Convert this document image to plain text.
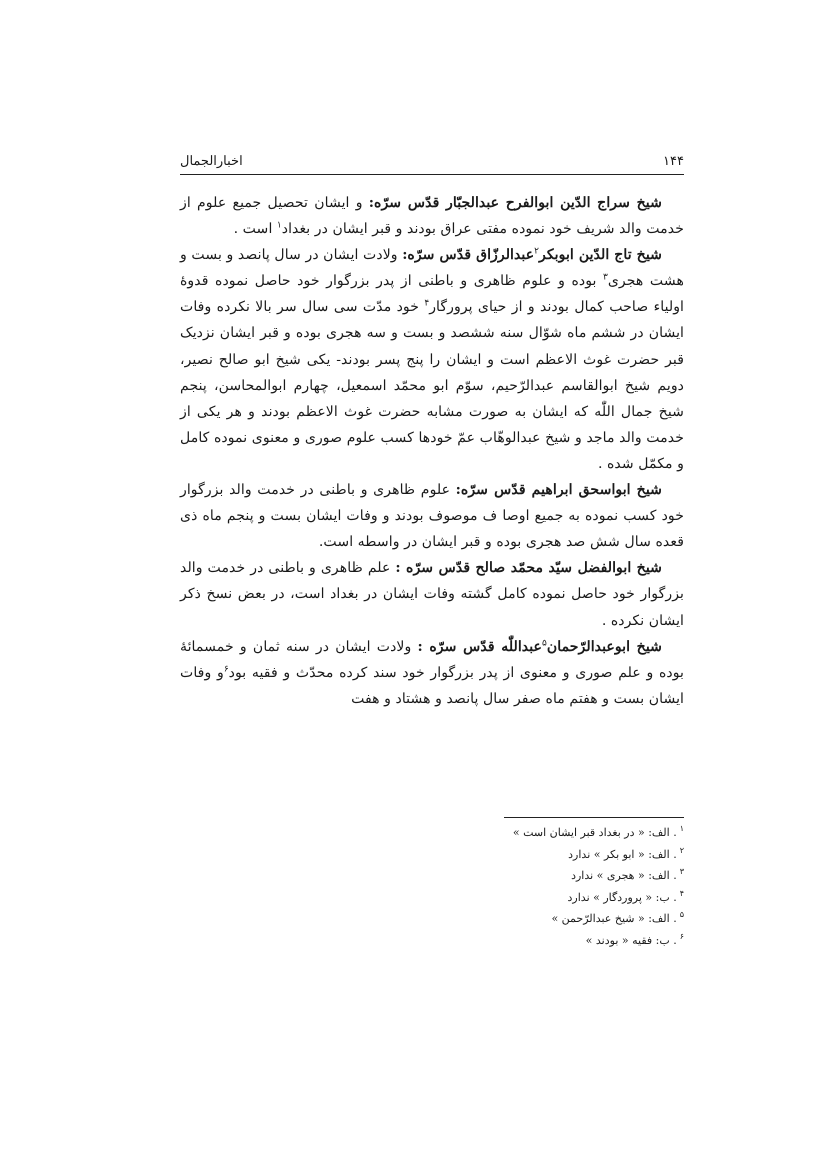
۱۴۴
اخبارالجمال

شیخ سراج الدّین ابوالفرح عبدالجبّار قدّس سرّه: و ایشان تحصیل جمیع علوم از خدمت والد شریف خود نموده مفتی عراق بودند و قبر ایشان در بغداد$^۱$ است .

شیخ تاج الدّین ابوبکر$^۲$عبدالرزّاق قدّس سرّه: ولادت ایشان در سال پانصد و بست و هشت هجری$^۳$ بوده و علوم ظاهری و باطنی از پدر بزرگوار خود حاصل نموده قدوهٔ اولیاء صاحب کمال بودند و از حیای پرورگار$^۴$ خود مدّت سی سال سر بالا نکرده وفات ایشان در ششم ماه شوّال سنه ششصد و بست و سه هجری بوده و قبر ایشان نزدیک قبر حضرت غوث الاعظم است و ایشان را پنج پسر بودند- یکی شیخ ابو صالح نصیر، دویم شیخ ابوالقاسم عبدالرّحیم، سوّم ابو محمّد اسمعیل، چهارم ابوالمحاسن، پنجم شیخ جمال اللّٰه که ایشان به صورت مشابه حضرت غوث الاعظم بودند و هر یکی از خدمت والد ماجد و شیخ عبدالوهّاب عمّ خودها کسب علوم صوری و معنوی نموده کامل و مکمّل شده .

شیخ ابواسحق ابراهیم قدّس سرّه: علوم ظاهری و باطنی در خدمت والد بزرگوار خود کسب نموده به جمیع اوصا ف موصوف بودند و وفات ایشان بست و پنجم ماه ذی قعده سال شش صد هجری بوده و قبر ایشان در واسطه است.

شیخ ابوالفضل سیّد محمّد صالح قدّس سرّه : علم ظاهری و باطنی در خدمت والد بزرگوار خود حاصل نموده کامل گشته وفات ایشان در بغداد است، در بعض نسخ ذکر ایشان نکرده .

شیخ ابوعبدالرّحمان$^۵$عبداللّٰه قدّس سرّه : ولادت ایشان در سنه ثمان و خمسمائهٔ بوده و علم صوری و معنوی از پدر بزرگوار خود سند کرده محدّث و فقیه بود$^۶$و وفات ایشان بست و هفتم ماه صفر سال پانصد و هشتاد و هفت

$^۱$. الف: « در بغداد قبر ایشان است »
$^۲$. الف: « ابو بکر » ندارد
$^۳$. الف: « هجری » ندارد
$^۴$. ب: « پروردگار » ندارد
$^۵$. الف: « شیخ عبدالرّحمن »
$^۶$. ب: فقیه « بودند »
